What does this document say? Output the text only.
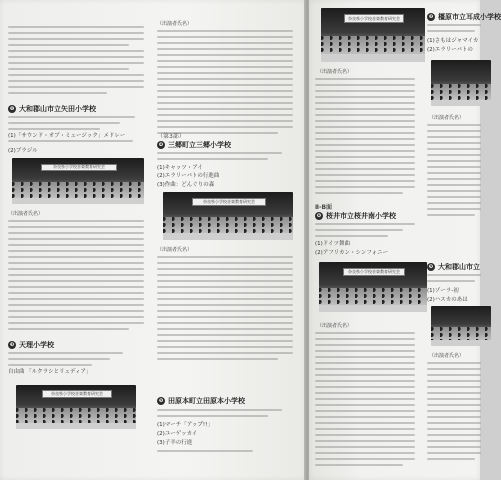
❶ 大和郡山市立矢田小学校
(1)「サウンド・オブ・ミュージック」メドレー
(2)ブラジル
奈良県小学校音楽教育研究会
（出演者氏名）
❸ 天理小学校
自由曲 「ルクラシとリュディア」
奈良県小学校音楽教育研究会
（出演者氏名）
（第3部）
❹ 三郷町立三郷小学校
(1)キャッツ・アイ
(2)エラリーバトの行進曲
(3)作曲：どんぐりの森
奈良県小学校音楽教育研究会
（出演者氏名）
❺ 田原本町立田原本小学校
(1)マーチ「アップ!!」
(2)ユーゲッカイ
(3)子羊の行進
奈良県小学校音楽教育研究会
（出演者氏名）
Ⅱ-B面
❻ 桜井市立桜井南小学校
(1)ドイツ舞曲
(2)アフリカン・シンフォニー
奈良県小学校音楽教育研究会
（出演者氏名）
❷ 橿原市立耳成小学校
(1)さもはジャマイカ
(2)エラリーバトの
（出演者氏名）
❾ 大和郡山市立
(1)ゾーラ-初
(2)ハスカのあは
（出演者氏名）
